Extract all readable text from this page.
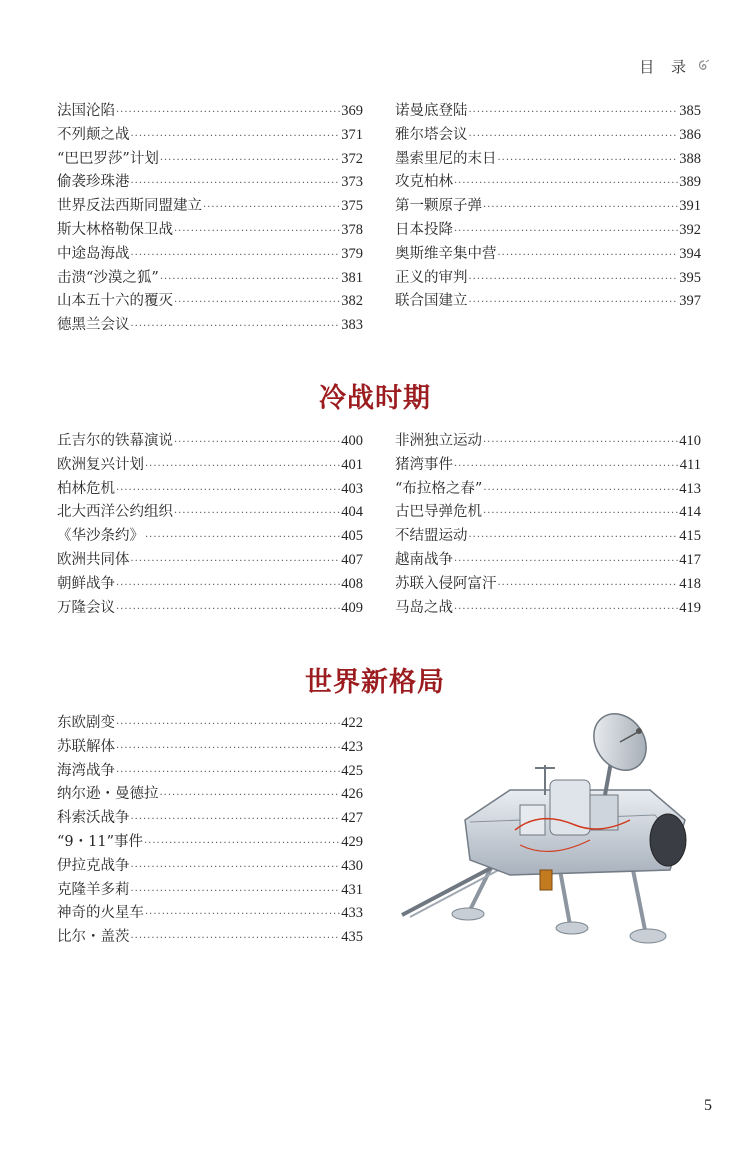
目 录
法国沦陷 ·····	369
不列颠之战 ·····	371
“巴巴罗莎”计划 ·····	372
偷袭珍珠港 ·····	373
世界反法西斯同盟建立 ·····	375
斯大林格勒保卫战 ·····	378
中途岛海战 ·····	379
击溃“沙漠之狐” ·····	381
山本五十六的覆灭 ·····	382
德黑兰会议 ·····	383
诺曼底登陆 ·····	385
雅尔塔会议 ·····	386
墨索里尼的末日 ·····	388
攻克柏林 ·····	389
第一颗原子弹 ·····	391
日本投降 ·····	392
奥斯维辛集中营 ·····	394
正义的审判 ·····	395
联合国建立 ·····	397
冷战时期
丘吉尔的铁幕演说 ·····	400
欧洲复兴计划 ·····	401
柏林危机 ·····	403
北大西洋公约组织 ·····	404
《华沙条约》 ·····	405
欧洲共同体 ·····	407
朝鲜战争 ·····	408
万隆会议 ·····	409
非洲独立运动 ·····	410
猪湾事件 ·····	411
“布拉格之春” ·····	413
古巴导弹危机 ·····	414
不结盟运动 ·····	415
越南战争 ·····	417
苏联入侵阿富汗 ·····	418
马岛之战 ·····	419
世界新格局
东欧剧变 ·····	422
苏联解体 ·····	423
海湾战争 ·····	425
纳尔逊・曼德拉 ·····	426
科索沃战争 ·····	427
“9・11”事件 ·····	429
伊拉克战争 ·····	430
克隆羊多莉 ·····	431
神奇的火星车 ·····	433
比尔・盖茨 ·····	435
5
